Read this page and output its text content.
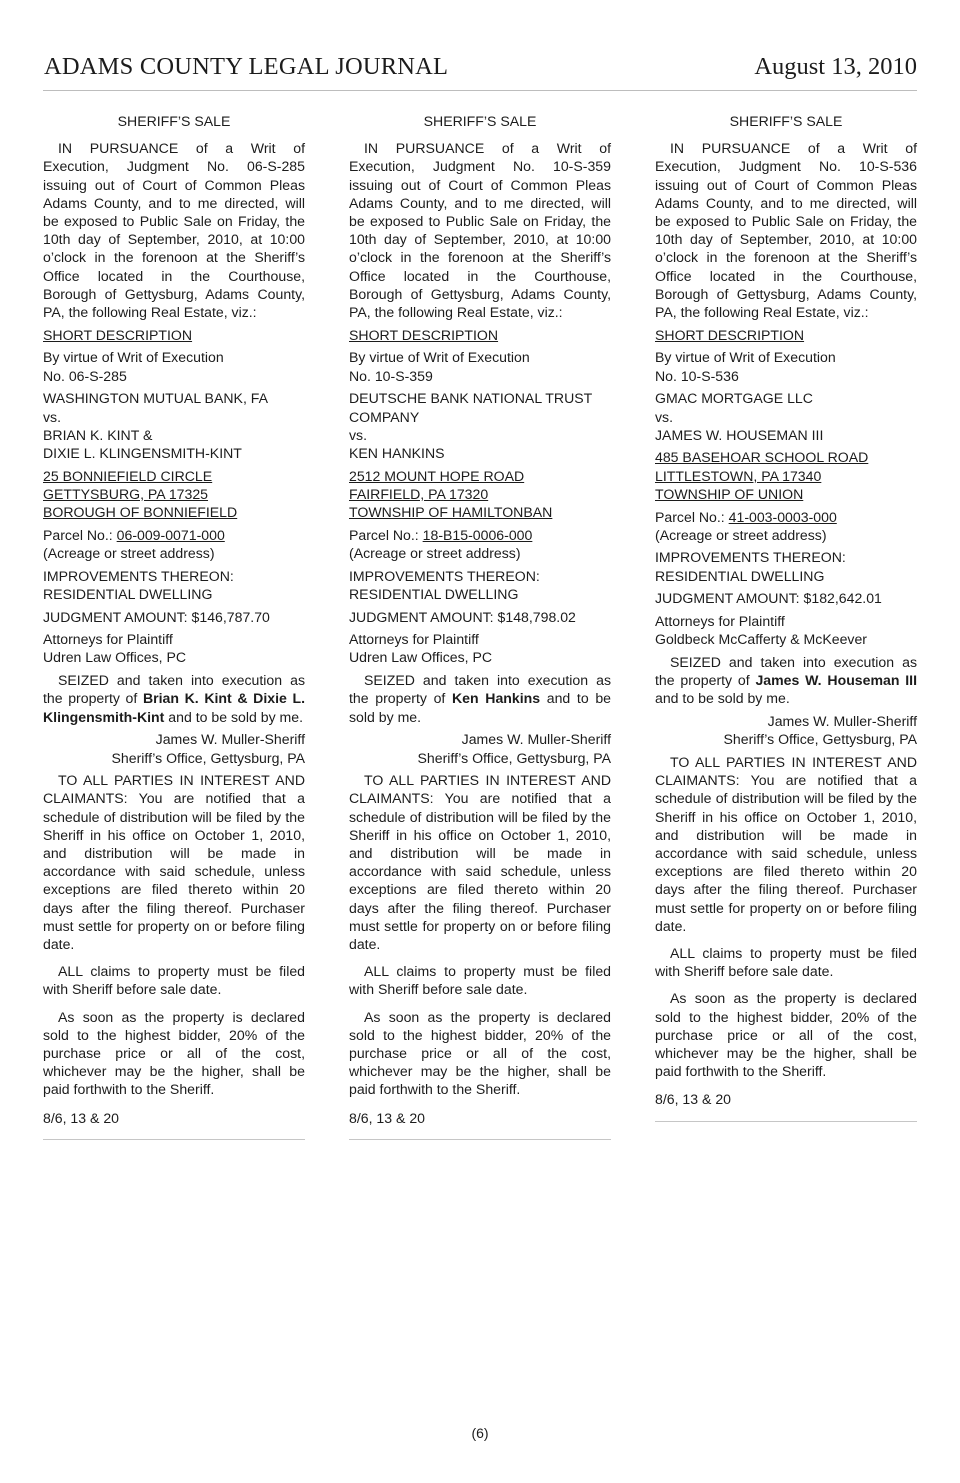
ADAMS COUNTY LEGAL JOURNAL	August 13, 2010

SHERIFF’S SALE

IN PURSUANCE of a Writ of Execution, Judgment No. 06-S-285 issuing out of Court of Common Pleas Adams County, and to me directed, will be exposed to Public Sale on Friday, the 10th day of September, 2010, at 10:00 o’clock in the forenoon at the Sheriff’s Office located in the Courthouse, Borough of Gettysburg, Adams County, PA, the following Real Estate, viz.:

SHORT DESCRIPTION

By virtue of Writ of Execution
No. 06-S-285

WASHINGTON MUTUAL BANK, FA
vs.
BRIAN K. KINT &
DIXIE L. KLINGENSMITH-KINT

25 BONNIEFIELD CIRCLE
GETTYSBURG, PA 17325
BOROUGH OF BONNIEFIELD

Parcel No.: 06-009-0071-000
(Acreage or street address)

IMPROVEMENTS THEREON:
RESIDENTIAL DWELLING

JUDGMENT AMOUNT: $146,787.70

Attorneys for Plaintiff
Udren Law Offices, PC

SEIZED and taken into execution as the property of Brian K. Kint & Dixie L. Klingensmith-Kint and to be sold by me.

James W. Muller-Sheriff
Sheriff’s Office, Gettysburg, PA

TO ALL PARTIES IN INTEREST AND CLAIMANTS: You are notified that a schedule of distribution will be filed by the Sheriff in his office on October 1, 2010, and distribution will be made in accordance with said schedule, unless exceptions are filed thereto within 20 days after the filing thereof. Purchaser must settle for property on or before filing date.

ALL claims to property must be filed with Sheriff before sale date.

As soon as the property is declared sold to the highest bidder, 20% of the purchase price or all of the cost, whichever may be the higher, shall be paid forthwith to the Sheriff.

8/6, 13 & 20

SHERIFF’S SALE

IN PURSUANCE of a Writ of Execution, Judgment No. 10-S-359 issuing out of Court of Common Pleas Adams County, and to me directed, will be exposed to Public Sale on Friday, the 10th day of September, 2010, at 10:00 o’clock in the forenoon at the Sheriff’s Office located in the Courthouse, Borough of Gettysburg, Adams County, PA, the following Real Estate, viz.:

SHORT DESCRIPTION

By virtue of Writ of Execution
No. 10-S-359

DEUTSCHE BANK NATIONAL TRUST
COMPANY
vs.
KEN HANKINS

2512 MOUNT HOPE ROAD
FAIRFIELD, PA 17320
TOWNSHIP OF HAMILTONBAN

Parcel No.: 18-B15-0006-000
(Acreage or street address)

IMPROVEMENTS THEREON:
RESIDENTIAL DWELLING

JUDGMENT AMOUNT: $148,798.02

Attorneys for Plaintiff
Udren Law Offices, PC

SEIZED and taken into execution as the property of Ken Hankins and to be sold by me.

James W. Muller-Sheriff
Sheriff’s Office, Gettysburg, PA

TO ALL PARTIES IN INTEREST AND CLAIMANTS: You are notified that a schedule of distribution will be filed by the Sheriff in his office on October 1, 2010, and distribution will be made in accordance with said schedule, unless exceptions are filed thereto within 20 days after the filing thereof. Purchaser must settle for property on or before filing date.

ALL claims to property must be filed with Sheriff before sale date.

As soon as the property is declared sold to the highest bidder, 20% of the purchase price or all of the cost, whichever may be the higher, shall be paid forthwith to the Sheriff.

8/6, 13 & 20

SHERIFF’S SALE

IN PURSUANCE of a Writ of Execution, Judgment No. 10-S-536 issuing out of Court of Common Pleas Adams County, and to me directed, will be exposed to Public Sale on Friday, the 10th day of September, 2010, at 10:00 o’clock in the forenoon at the Sheriff’s Office located in the Courthouse, Borough of Gettysburg, Adams County, PA, the following Real Estate, viz.:

SHORT DESCRIPTION

By virtue of Writ of Execution
No. 10-S-536

GMAC MORTGAGE LLC
vs.
JAMES W. HOUSEMAN III

485 BASEHOAR SCHOOL ROAD
LITTLESTOWN, PA 17340
TOWNSHIP OF UNION

Parcel No.: 41-003-0003-000
(Acreage or street address)

IMPROVEMENTS THEREON:
RESIDENTIAL DWELLING

JUDGMENT AMOUNT: $182,642.01

Attorneys for Plaintiff
Goldbeck McCafferty & McKeever

SEIZED and taken into execution as the property of James W. Houseman III and to be sold by me.

James W. Muller-Sheriff
Sheriff’s Office, Gettysburg, PA

TO ALL PARTIES IN INTEREST AND CLAIMANTS: You are notified that a schedule of distribution will be filed by the Sheriff in his office on October 1, 2010, and distribution will be made in accordance with said schedule, unless exceptions are filed thereto within 20 days after the filing thereof. Purchaser must settle for property on or before filing date.

ALL claims to property must be filed with Sheriff before sale date.

As soon as the property is declared sold to the highest bidder, 20% of the purchase price or all of the cost, whichever may be the higher, shall be paid forthwith to the Sheriff.

8/6, 13 & 20

(6)
